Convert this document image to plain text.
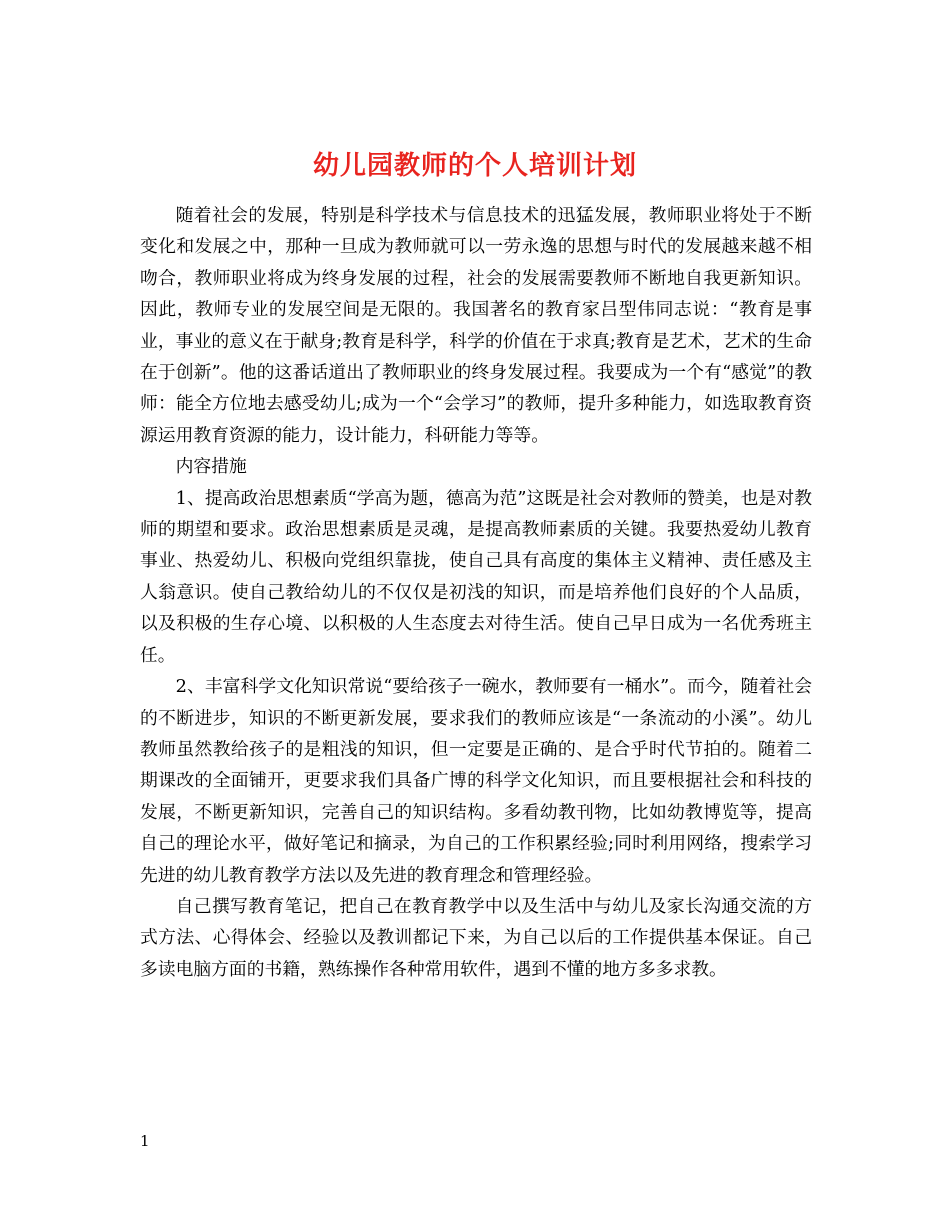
幼儿园教师的个人培训计划

随着社会的发展，特别是科学技术与信息技术的迅猛发展，教师职业将处于不断变化和发展之中，那种一旦成为教师就可以一劳永逸的思想与时代的发展越来越不相吻合，教师职业将成为终身发展的过程，社会的发展需要教师不断地自我更新知识。因此，教师专业的发展空间是无限的。我国著名的教育家吕型伟同志说：“教育是事业，事业的意义在于献身;教育是科学，科学的价值在于求真;教育是艺术，艺术的生命在于创新”。他的这番话道出了教师职业的终身发展过程。我要成为一个有“感觉”的教师：能全方位地去感受幼儿;成为一个“会学习”的教师，提升多种能力，如选取教育资源运用教育资源的能力，设计能力，科研能力等等。

内容措施

1、提高政治思想素质“学高为题，德高为范”这既是社会对教师的赞美，也是对教师的期望和要求。政治思想素质是灵魂，是提高教师素质的关键。我要热爱幼儿教育事业、热爱幼儿、积极向党组织靠拢，使自己具有高度的集体主义精神、责任感及主人翁意识。使自己教给幼儿的不仅仅是初浅的知识，而是培养他们良好的个人品质，以及积极的生存心境、以积极的人生态度去对待生活。使自己早日成为一名优秀班主任。

2、丰富科学文化知识常说“要给孩子一碗水，教师要有一桶水”。而今，随着社会的不断进步，知识的不断更新发展，要求我们的教师应该是“一条流动的小溪”。幼儿教师虽然教给孩子的是粗浅的知识，但一定要是正确的、是合乎时代节拍的。随着二期课改的全面铺开，更要求我们具备广博的科学文化知识，而且要根据社会和科技的发展，不断更新知识，完善自己的知识结构。多看幼教刊物，比如幼教博览等，提高自己的理论水平，做好笔记和摘录，为自己的工作积累经验;同时利用网络，搜索学习先进的幼儿教育教学方法以及先进的教育理念和管理经验。

自己撰写教育笔记，把自己在教育教学中以及生活中与幼儿及家长沟通交流的方式方法、心得体会、经验以及教训都记下来，为自己以后的工作提供基本保证。自己多读电脑方面的书籍，熟练操作各种常用软件，遇到不懂的地方多多求教。

1
